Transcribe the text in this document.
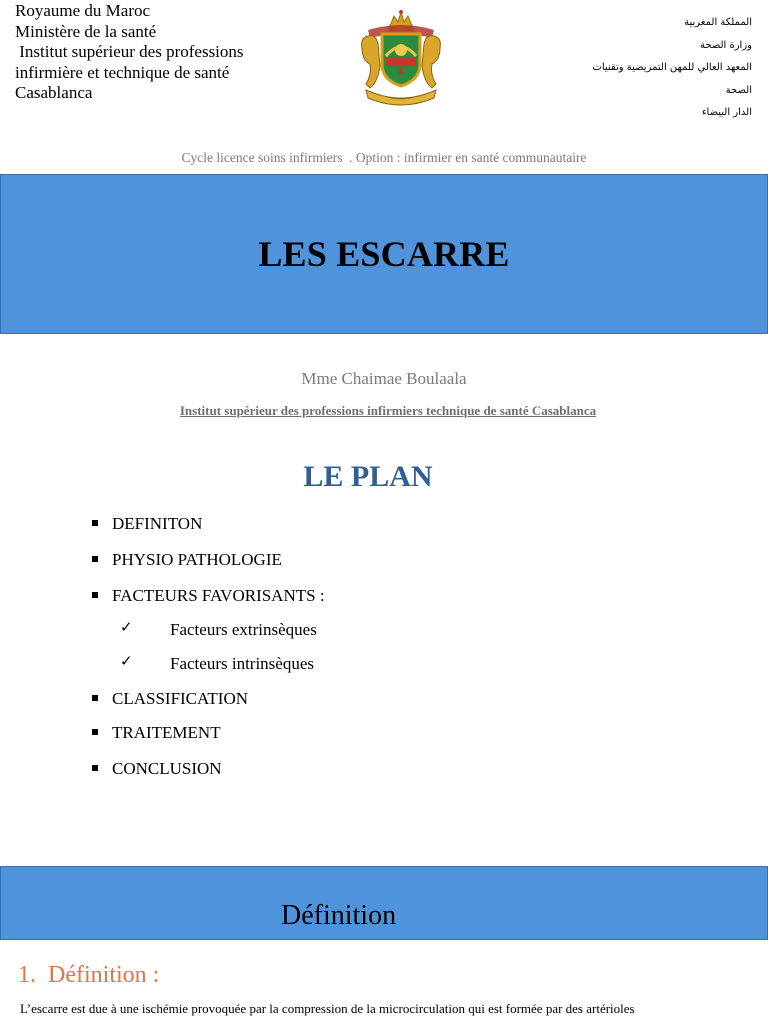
Royaume du Maroc
Ministère de la santé
Institut supérieur des professions
infirmière et technique de santé
Casablanca
المملكة المغربية
وزارة الصحة
المعهد العالي للمهن التمريضية وتقنيات
الصحة
الدار البيضاء
Cycle licence soins infirmiers  . Option : infirmier en santé communautaire
LES ESCARRE
Mme Chaimae Boulaala
Institut supérieur des professions infirmiers technique de santé Casablanca
LE PLAN
DEFINITON
PHYSIO PATHOLOGIE
FACTEURS FAVORISANTS :
✓ Facteurs extrinsèques
✓ Facteurs intrinsèques
CLASSIFICATION
TRAITEMENT
CONCLUSION
Définition
1.  Définition :
L’escarre est due à une ischémie provoquée par la compression de la microcirculation qui est formée par des artérioles
